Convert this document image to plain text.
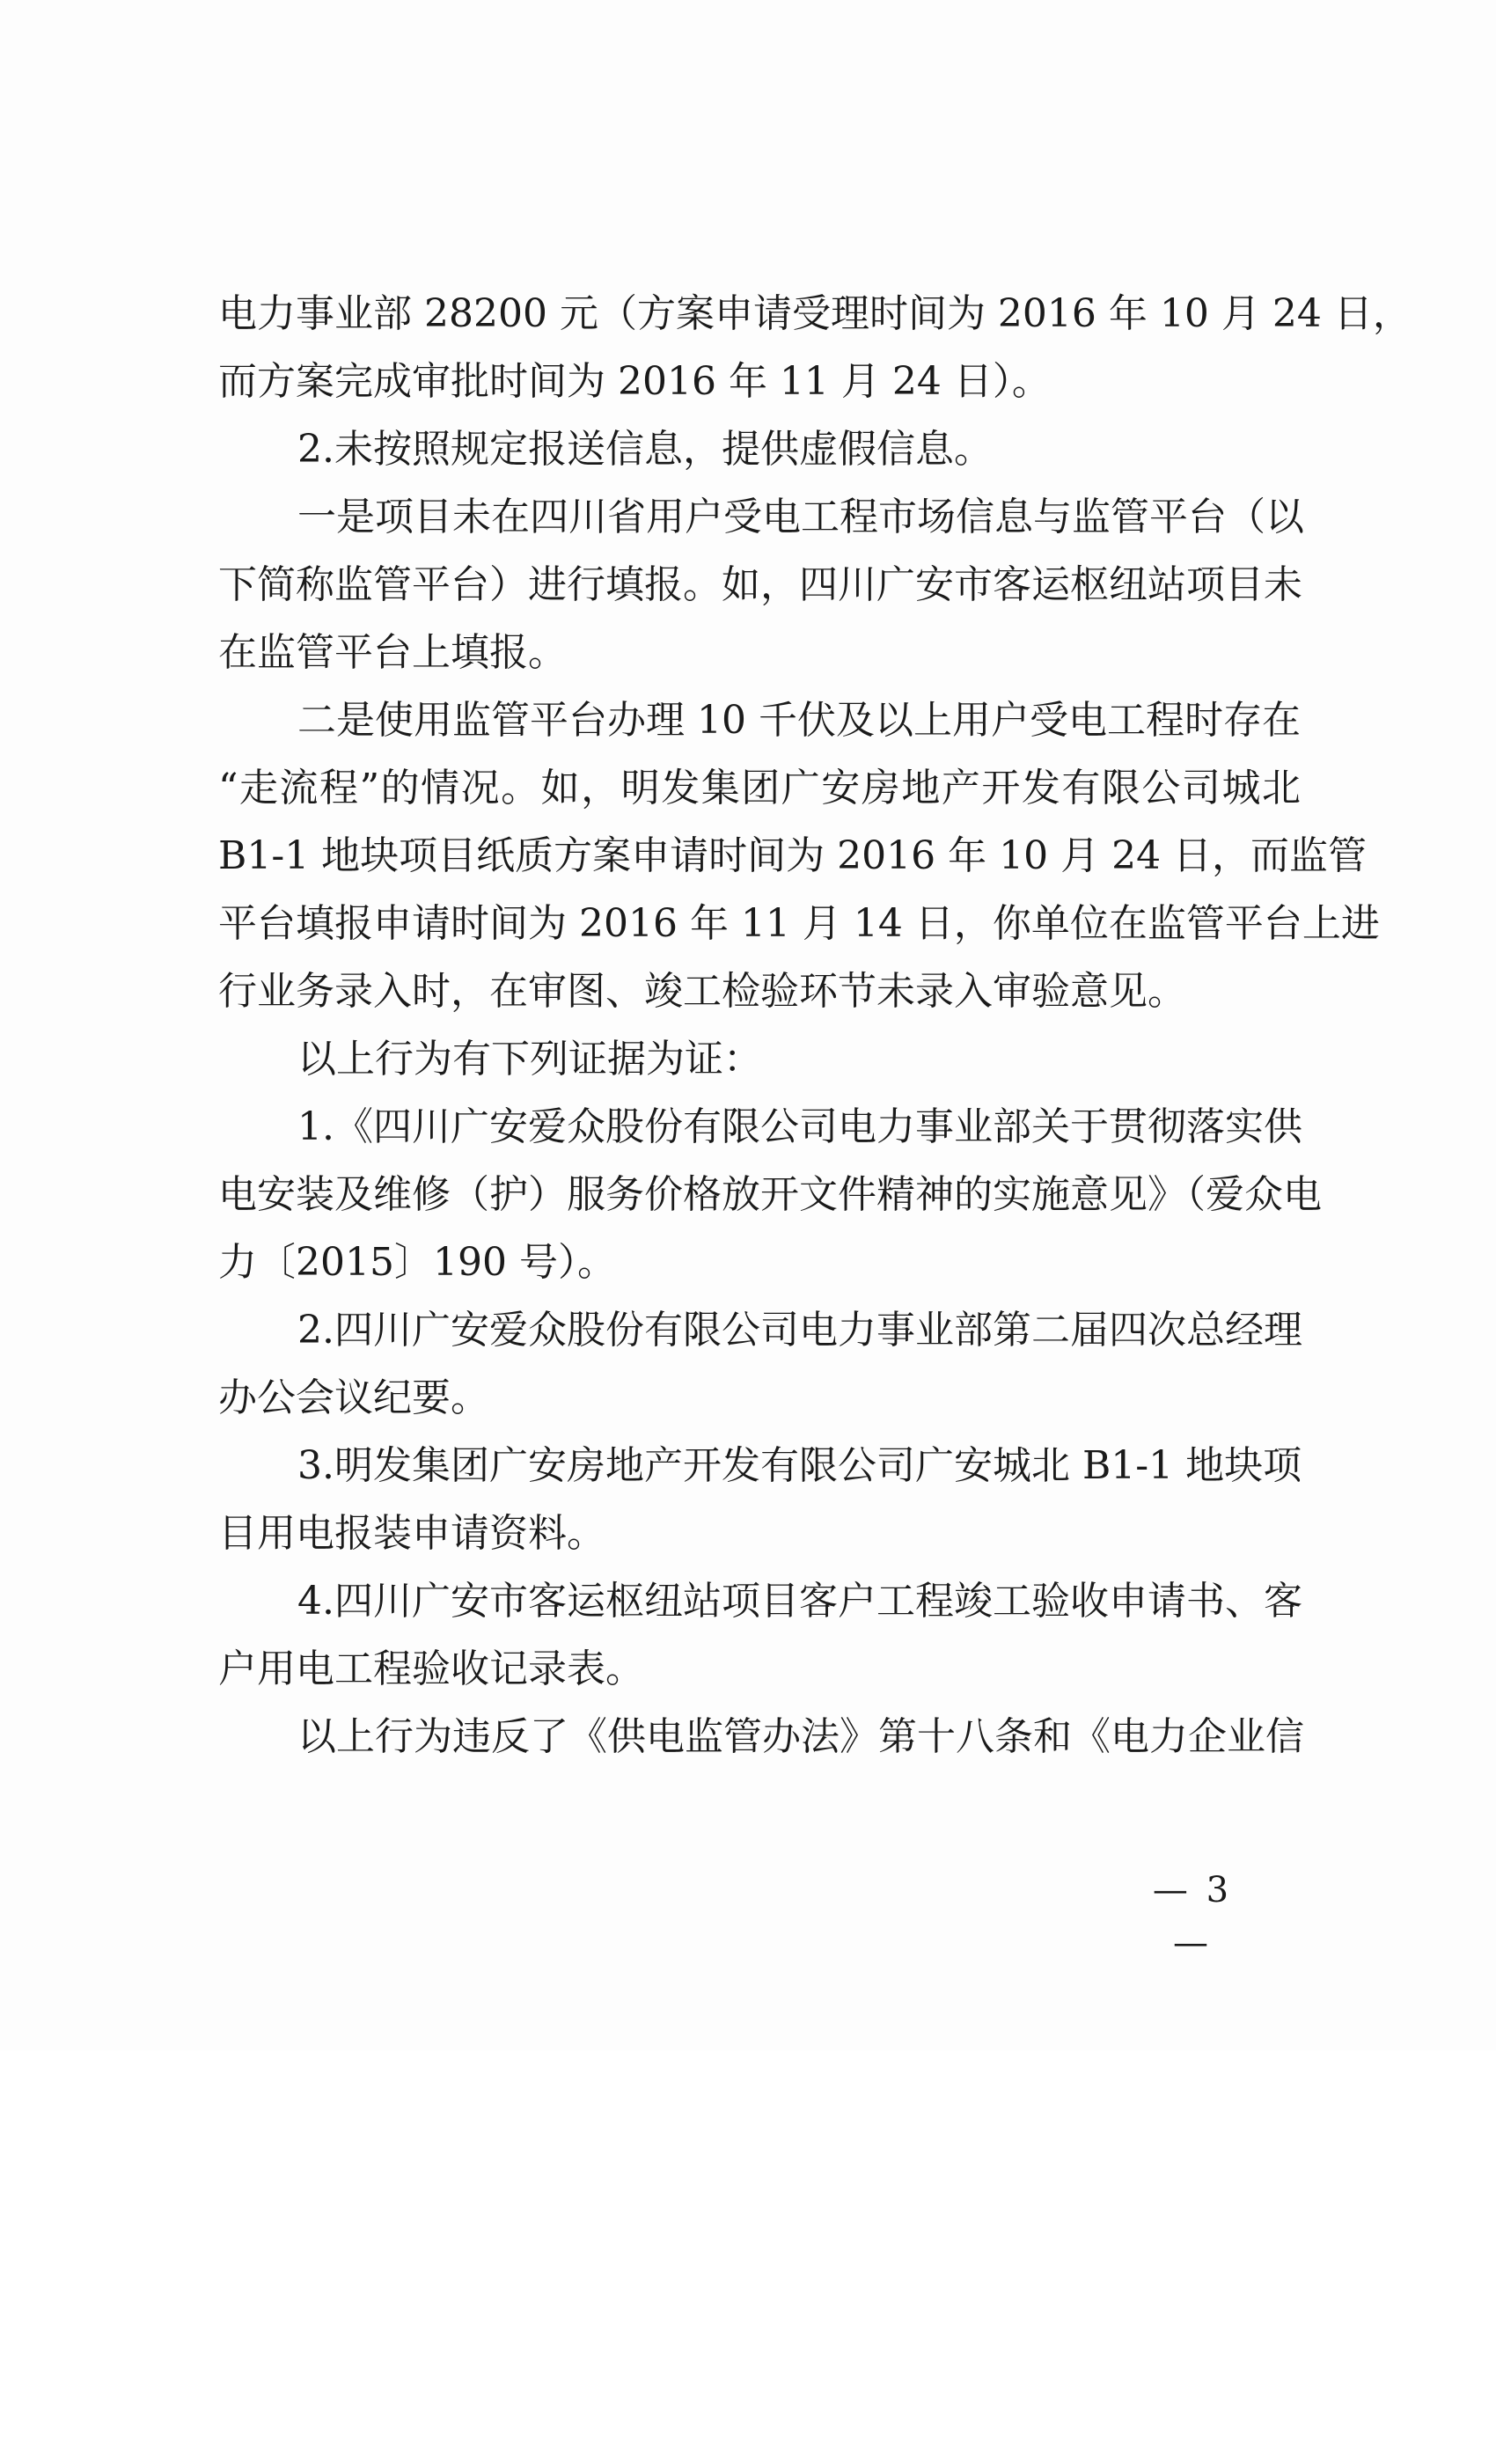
电力事业部 28200 元（方案申请受理时间为 2016 年 10 月 24 日，
而方案完成审批时间为 2016 年 11 月 24 日）。
2.未按照规定报送信息，提供虚假信息。
一是项目未在四川省用户受电工程市场信息与监管平台（以
下简称监管平台）进行填报。如，四川广安市客运枢纽站项目未
在监管平台上填报。
二是使用监管平台办理 10 千伏及以上用户受电工程时存在
“走流程”的情况。如，明发集团广安房地产开发有限公司城北
B1-1 地块项目纸质方案申请时间为 2016 年 10 月 24 日，而监管
平台填报申请时间为 2016 年 11 月 14 日，你单位在监管平台上进
行业务录入时，在审图、竣工检验环节未录入审验意见。
以上行为有下列证据为证：
1.《四川广安爱众股份有限公司电力事业部关于贯彻落实供
电安装及维修（护）服务价格放开文件精神的实施意见》（爱众电
力〔2015〕190 号）。
2.四川广安爱众股份有限公司电力事业部第二届四次总经理
办公会议纪要。
3.明发集团广安房地产开发有限公司广安城北 B1-1 地块项
目用电报装申请资料。
4.四川广安市客运枢纽站项目客户工程竣工验收申请书、客
户用电工程验收记录表。
以上行为违反了《供电监管办法》第十八条和《电力企业信
— 3 —
